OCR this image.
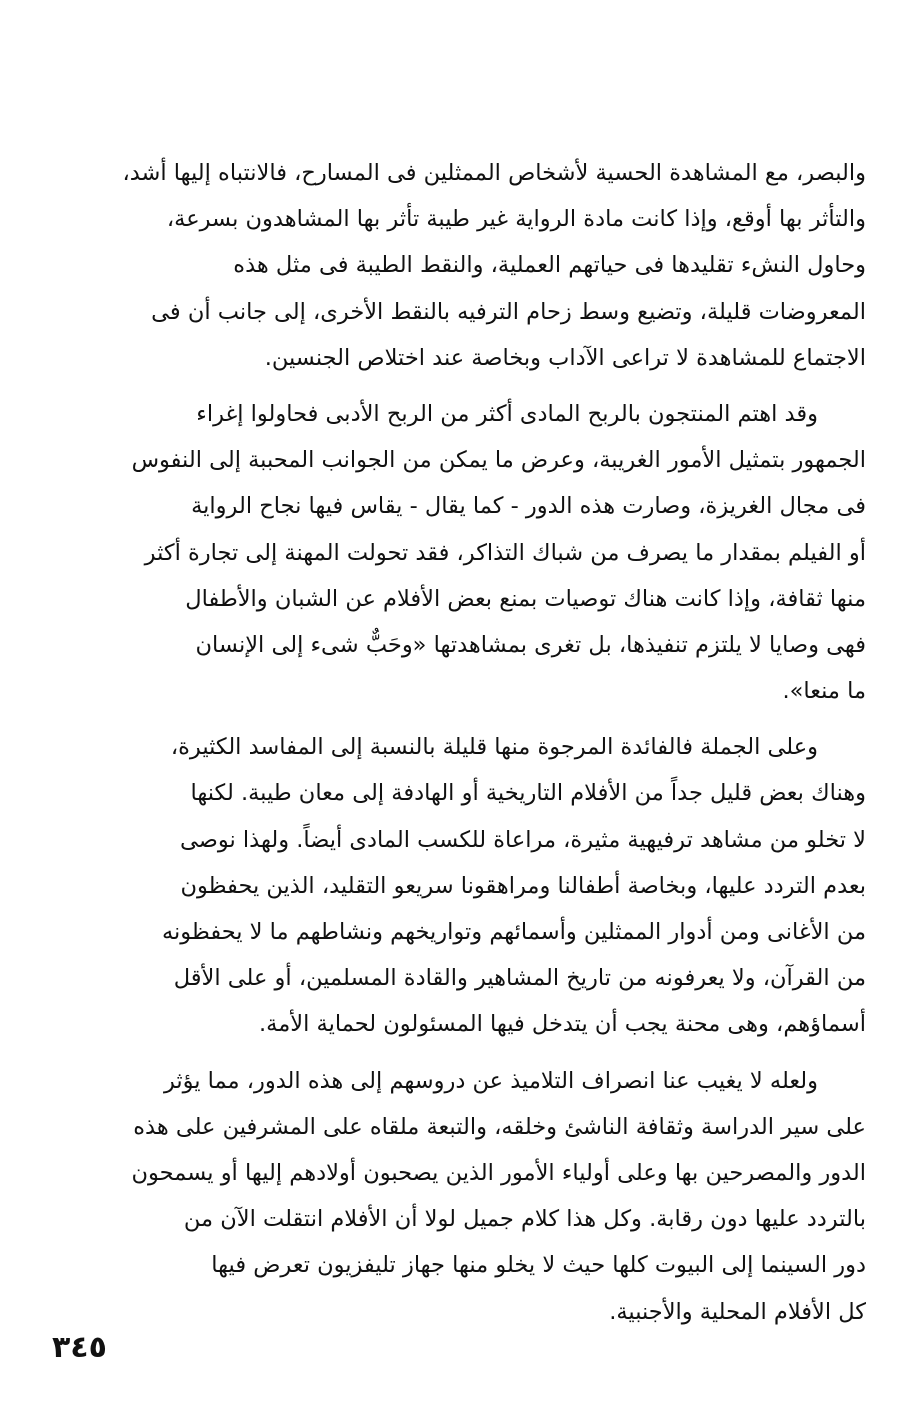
والبصر، مع المشاهدة الحسية لأشخاص الممثلين فى المسارح، فالانتباه إليها أشد،
والتأثر بها أوقع، وإذا كانت مادة الرواية غير طيبة تأثر بها المشاهدون بسرعة،
وحاول النشء تقليدها فى حياتهم العملية، والنقط الطيبة فى مثل هذه
المعروضات قليلة، وتضيع وسط زحام الترفيه بالنقط الأخرى، إلى جانب أن فى
الاجتماع للمشاهدة لا تراعى الآداب وبخاصة عند اختلاص الجنسين.
وقد اهتم المنتجون بالربح المادى أكثر من الربح الأدبى فحاولوا إغراء
الجمهور بتمثيل الأمور الغريبة، وعرض ما يمكن من الجوانب المحببة إلى النفوس
فى مجال الغريزة، وصارت هذه الدور - كما يقال - يقاس فيها نجاح الرواية
أو الفيلم بمقدار ما يصرف من شباك التذاكر، فقد تحولت المهنة إلى تجارة أكثر
منها ثقافة، وإذا كانت هناك توصيات بمنع بعض الأفلام عن الشبان والأطفال
فهى وصايا لا يلتزم تنفيذها، بل تغرى بمشاهدتها «وحَبٌّ شىء إلى الإنسان
ما منعا».
وعلى الجملة فالفائدة المرجوة منها قليلة بالنسبة إلى المفاسد الكثيرة،
وهناك بعض قليل جداً من الأفلام التاريخية أو الهادفة إلى معان طيبة. لكنها
لا تخلو من مشاهد ترفيهية مثيرة، مراعاة للكسب المادى أيضاً. ولهذا نوصى
بعدم التردد عليها، وبخاصة أطفالنا ومراهقونا سريعو التقليد، الذين يحفظون
من الأغانى ومن أدوار الممثلين وأسمائهم وتواريخهم ونشاطهم ما لا يحفظونه
من القرآن، ولا يعرفونه من تاريخ المشاهير والقادة المسلمين، أو على الأقل
أسماؤهم، وهى محنة يجب أن يتدخل فيها المسئولون لحماية الأمة.
ولعله لا يغيب عنا انصراف التلاميذ عن دروسهم إلى هذه الدور، مما يؤثر
على سير الدراسة وثقافة الناشئ وخلقه، والتبعة ملقاه على المشرفين على هذه
الدور والمصرحين بها وعلى أولياء الأمور الذين يصحبون أولادهم إليها أو يسمحون
بالتردد عليها دون رقابة. وكل هذا كلام جميل لولا أن الأفلام انتقلت الآن من
دور السينما إلى البيوت كلها حيث لا يخلو منها جهاز تليفزيون تعرض فيها
كل الأفلام المحلية والأجنبية.
٣٤٥
